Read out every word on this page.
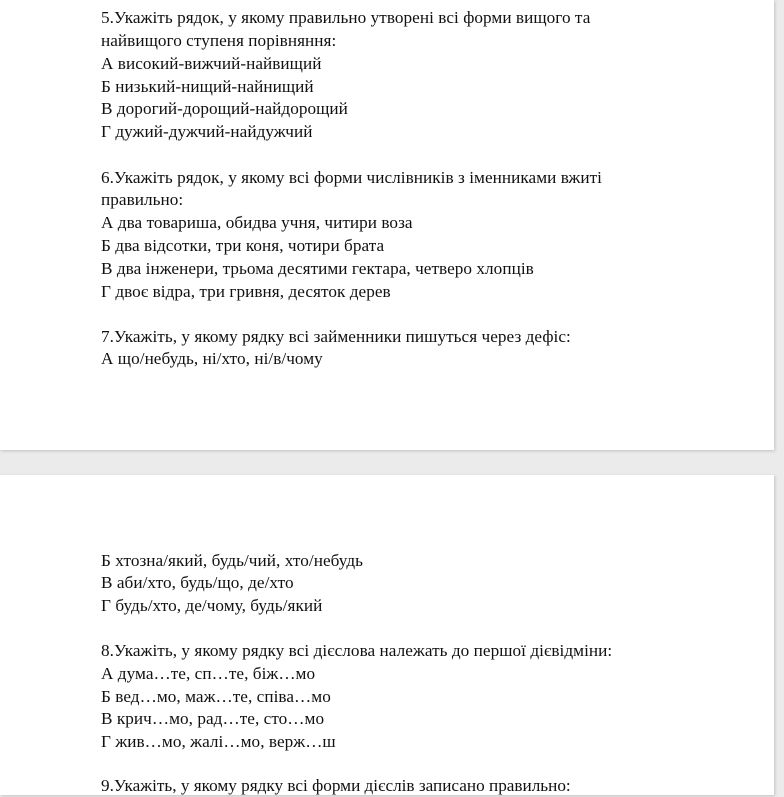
5.Укажіть рядок, у якому правильно утворені всі форми вищого та
найвищого ступеня порівняння:
А високий-вижчий-найвищий
Б низький-нищий-найнищий
В дорогий-дорощий-найдорощий
Г дужий-дужчий-найдужчий
6.Укажіть рядок, у якому всі форми числівників з іменниками вжиті
правильно:
А два товариша, обидва учня, читири воза
Б два відсотки, три коня, чотири брата
В два інженери, трьома десятими гектара, четверо хлопців
Г двоє відра, три гривня, десяток дерев
7.Укажіть, у якому рядку всі займенники пишуться через дефіс:
А що/небудь, ні/хто, ні/в/чому
Б хтозна/який, будь/чий, хто/небудь
В аби/хто, будь/що, де/хто
Г будь/хто, де/чому, будь/який
8.Укажіть, у якому рядку всі дієслова належать до першої дієвідміни:
А дума…те, сп…те, біж…мо
Б вед…мо, маж…те, співа…мо
В крич…мо, рад…те, сто…мо
Г жив…мо, жалі…мо, верж…ш
9.Укажіть, у якому рядку всі форми дієслів записано правильно:
